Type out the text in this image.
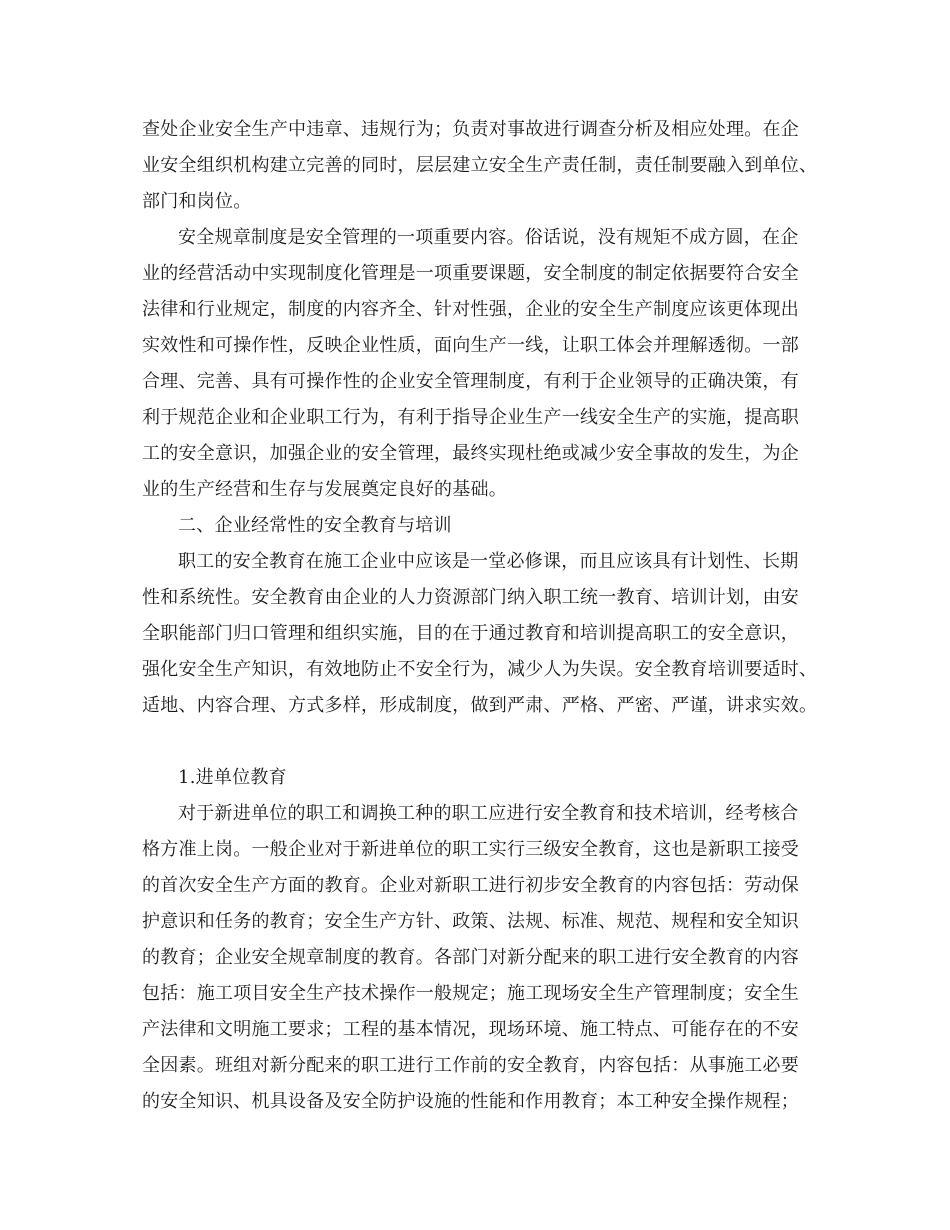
查处企业安全生产中违章、违规行为；负责对事故进行调查分析及相应处理。在企
业安全组织机构建立完善的同时，层层建立安全生产责任制，责任制要融入到单位、
部门和岗位。
安全规章制度是安全管理的一项重要内容。俗话说，没有规矩不成方圆，在企
业的经营活动中实现制度化管理是一项重要课题，安全制度的制定依据要符合安全
法律和行业规定，制度的内容齐全、针对性强，企业的安全生产制度应该更体现出
实效性和可操作性，反映企业性质，面向生产一线，让职工体会并理解透彻。一部
合理、完善、具有可操作性的企业安全管理制度，有利于企业领导的正确决策，有
利于规范企业和企业职工行为，有利于指导企业生产一线安全生产的实施，提高职
工的安全意识，加强企业的安全管理，最终实现杜绝或减少安全事故的发生，为企
业的生产经营和生存与发展奠定良好的基础。
二、企业经常性的安全教育与培训
职工的安全教育在施工企业中应该是一堂必修课，而且应该具有计划性、长期
性和系统性。安全教育由企业的人力资源部门纳入职工统一教育、培训计划，由安
全职能部门归口管理和组织实施，目的在于通过教育和培训提高职工的安全意识，
强化安全生产知识，有效地防止不安全行为，减少人为失误。安全教育培训要适时、
适地、内容合理、方式多样，形成制度，做到严肃、严格、严密、严谨，讲求实效。
1.进单位教育
对于新进单位的职工和调换工种的职工应进行安全教育和技术培训，经考核合
格方准上岗。一般企业对于新进单位的职工实行三级安全教育，这也是新职工接受
的首次安全生产方面的教育。企业对新职工进行初步安全教育的内容包括：劳动保
护意识和任务的教育；安全生产方针、政策、法规、标准、规范、规程和安全知识
的教育；企业安全规章制度的教育。各部门对新分配来的职工进行安全教育的内容
包括：施工项目安全生产技术操作一般规定；施工现场安全生产管理制度；安全生
产法律和文明施工要求；工程的基本情况，现场环境、施工特点、可能存在的不安
全因素。班组对新分配来的职工进行工作前的安全教育，内容包括：从事施工必要
的安全知识、机具设备及安全防护设施的性能和作用教育；本工种安全操作规程；
